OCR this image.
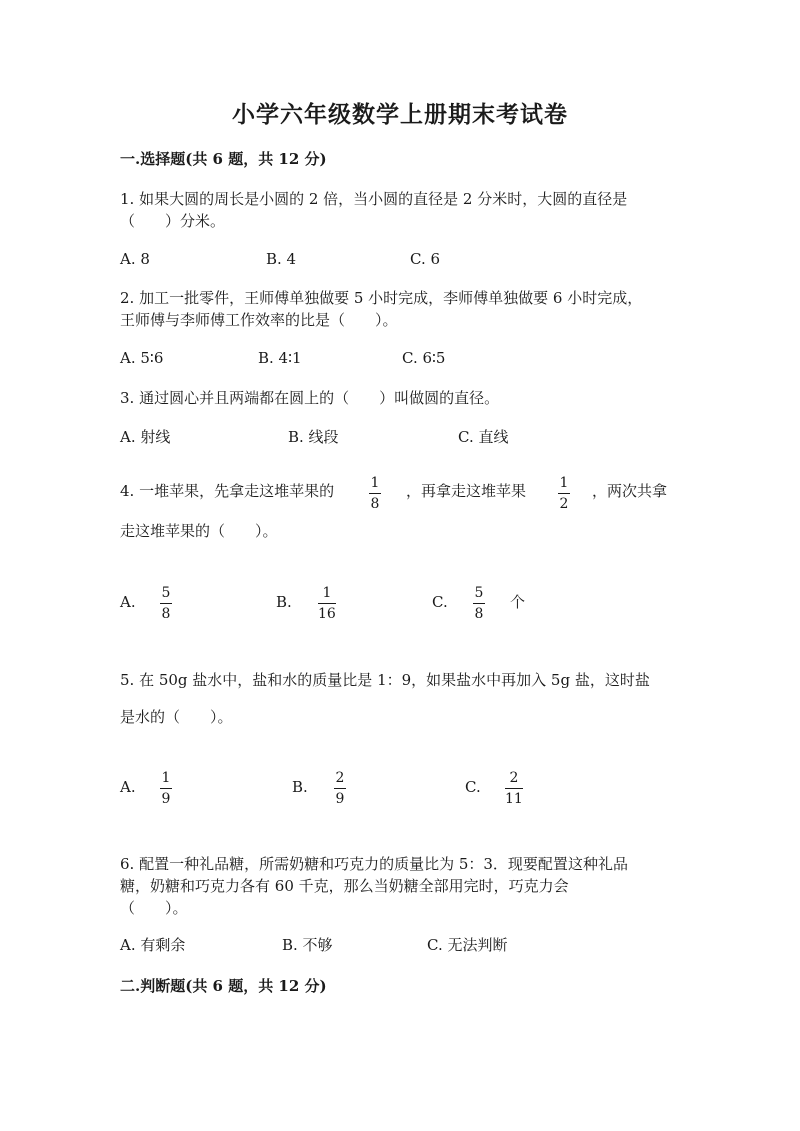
小学六年级数学上册期末考试卷
一.选择题(共 6 题，共 12 分)
1. 如果大圆的周长是小圆的 2 倍，当小圆的直径是 2 分米时，大圆的直径是
（　　）分米。
A. 8	B. 4	C. 6
2. 加工一批零件，王师傅单独做要 5 小时完成，李师傅单独做要 6 小时完成，
王师傅与李师傅工作效率的比是（　　）。
A. 5∶6	B. 4∶1	C. 6∶5
3. 通过圆心并且两端都在圆上的（　　）叫做圆的直径。
A. 射线	B. 线段	C. 直线
4. 一堆苹果，先拿走这堆苹果的	1
8
，再拿走这堆苹果 1
2
，两次共拿
走这堆苹果的（　　）。
A. 5
8
B. 1
16
C. 5
8
个
5. 在 50g 盐水中，盐和水的质量比是 1：9，如果盐水中再加入 5g 盐，这时盐
是水的（　　）。
A. 1
9
B. 2
9
C. 2
11
6. 配置一种礼品糖，所需奶糖和巧克力的质量比为 5：3．现要配置这种礼品
糖，奶糖和巧克力各有 60 千克，那么当奶糖全部用完时，巧克力会
（　　）。
A. 有剩余	B. 不够	C. 无法判断
二.判断题(共 6 题，共 12 分)
